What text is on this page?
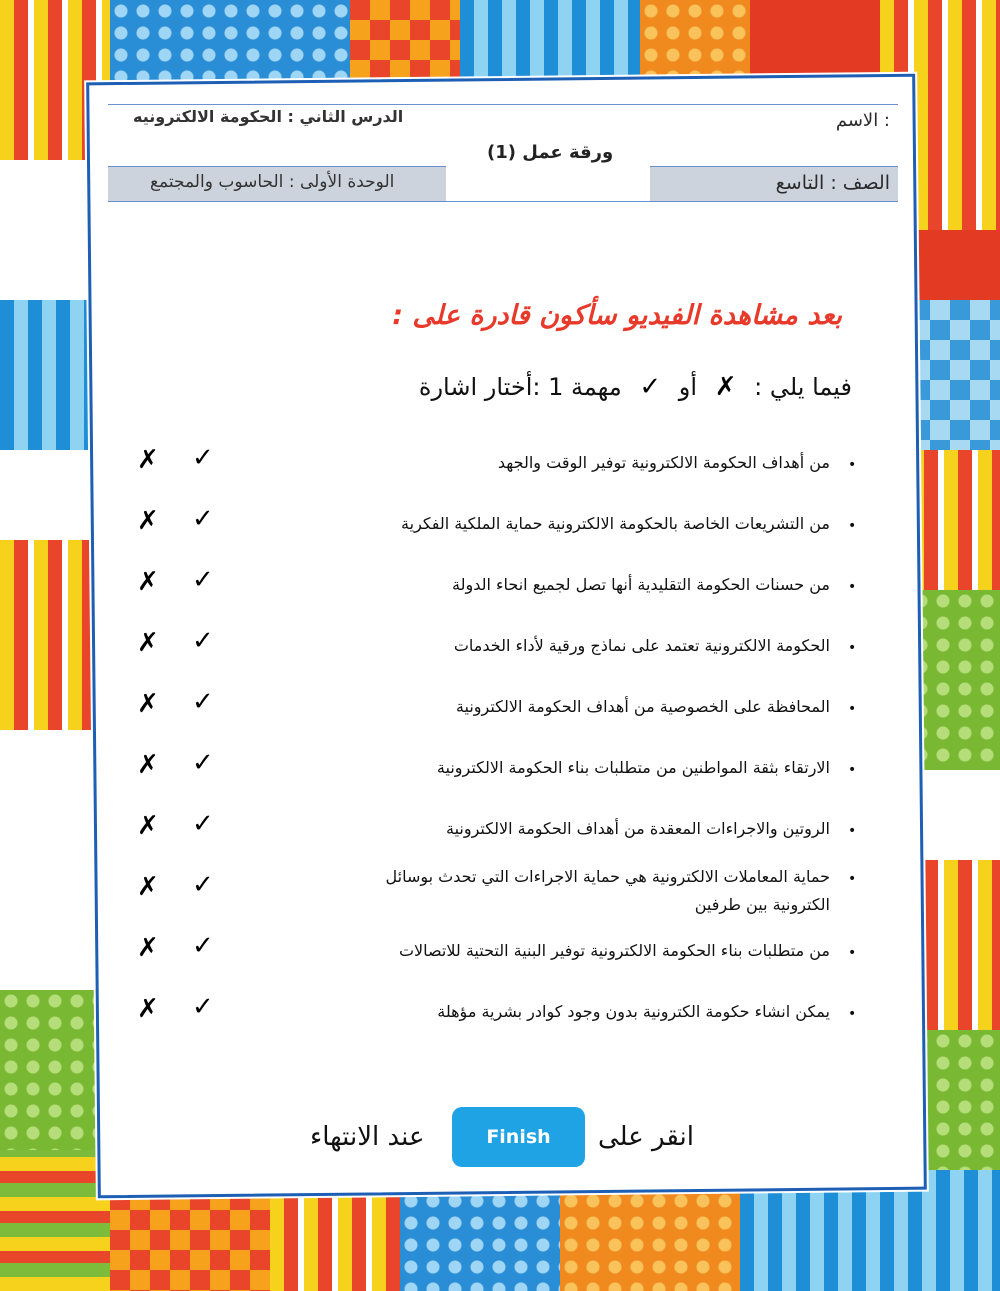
الاسم :
الدرس الثاني : الحكومة الالكترونيه
ورقة عمل (1)
الصف : التاسع
الوحدة الأولى : الحاسوب والمجتمع
بعد مشاهدة الفيديو سأكون قادرة على :
مهمة 1 :أختار اشارة ✓ أو ✗ فيما يلي :
•
من أهداف الحكومة الالكترونية توفير الوقت والجهد
✓
✗
•
من التشريعات الخاصة بالحكومة الالكترونية حماية الملكية الفكرية
✓
✗
•
من حسنات الحكومة التقليدية أنها تصل لجميع انحاء الدولة
✓
✗
•
الحكومة الالكترونية تعتمد على نماذج ورقية لأداء الخدمات
✓
✗
•
المحافظة على الخصوصية من أهداف الحكومة الالكترونية
✓
✗
•
الارتقاء بثقة المواطنين من متطلبات بناء الحكومة الالكترونية
✓
✗
•
الروتين والاجراءات المعقدة من أهداف الحكومة الالكترونية
✓
✗
•
حماية المعاملات الالكترونية هي حماية الاجراءات التي تحدث بوسائل
الكترونية بين طرفين
✓
✗
•
من متطلبات بناء الحكومة الالكترونية توفير البنية التحتية للاتصالات
✓
✗
•
يمكن انشاء حكومة الكترونية بدون وجود كوادر بشرية مؤهلة
✓
✗
انقر على
Finish
عند الانتهاء
